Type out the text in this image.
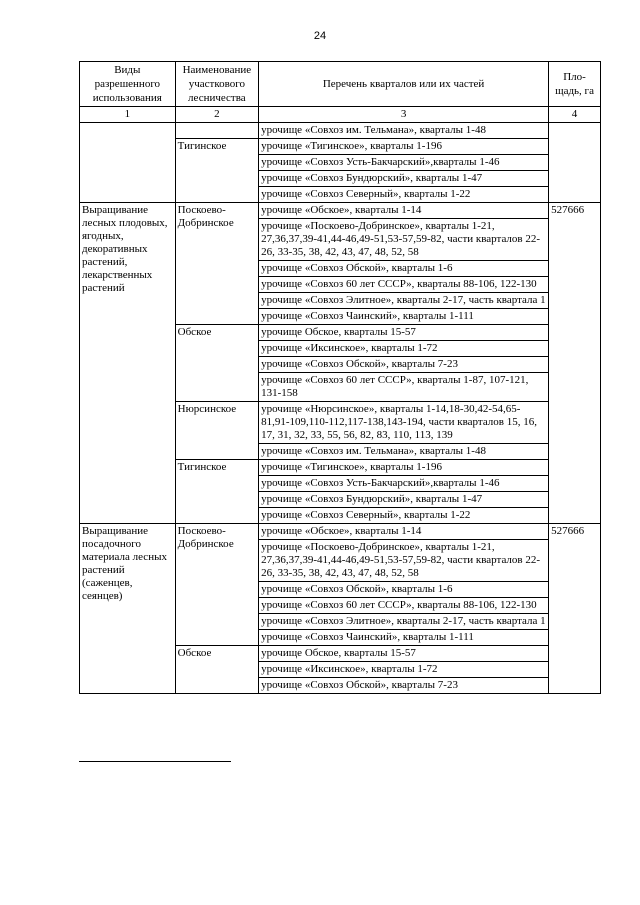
24
Виды разрешенного использования	Наименование участкового лесничества	Перечень кварталов или их частей	Пло-щадь, га
1	2	3	4
		урочище «Совхоз им. Тельмана», кварталы 1-48	
	Тигинское	урочище «Тигинское», кварталы 1-196	
		урочище «Совхоз Усть-Бакчарский»,кварталы 1-46	
		урочище «Совхоз Бундюрский», кварталы 1-47	
		урочище «Совхоз Северный», кварталы 1-22	
Выращивание лесных плодовых, ягодных, декоративных растений, лекарственных растений	Поскоево-Добринское	урочище «Обское», кварталы 1-14	527666
		урочище «Поскоево-Добринское», кварталы 1-21, 27,36,37,39-41,44-46,49-51,53-57,59-82, части кварталов 22-26, 33-35, 38, 42, 43, 47, 48, 52, 58	
		урочище «Совхоз Обской», кварталы 1-6	
		урочище «Совхоз 60 лет СССР», кварталы 88-106, 122-130	
		урочище «Совхоз Элитное», кварталы 2-17, часть квартала 1	
		урочище «Совхоз Чаинский», кварталы 1-111	
	Обское	урочище Обское, кварталы 15-57	
		урочище «Иксинское», кварталы 1-72	
		урочище «Совхоз Обской», кварталы 7-23	
		урочище «Совхоз 60 лет СССР», кварталы 1-87, 107-121, 131-158	
	Нюрсинское	урочище «Нюрсинское», кварталы 1-14,18-30,42-54,65-81,91-109,110-112,117-138,143-194, части кварталов 15, 16, 17, 31, 32, 33, 55, 56, 82, 83, 110, 113, 139	
		урочище «Совхоз им. Тельмана», кварталы 1-48	
	Тигинское	урочище «Тигинское», кварталы 1-196	
		урочище «Совхоз Усть-Бакчарский»,кварталы 1-46	
		урочище «Совхоз Бундюрский», кварталы 1-47	
		урочище «Совхоз Северный», кварталы 1-22	
Выращивание посадочного материала лесных растений (саженцев, сеянцев)	Поскоево-Добринское	урочище «Обское», кварталы 1-14	527666
		урочище «Поскоево-Добринское», кварталы 1-21, 27,36,37,39-41,44-46,49-51,53-57,59-82, части кварталов 22-26, 33-35, 38, 42, 43, 47, 48, 52, 58	
		урочище «Совхоз Обской», кварталы 1-6	
		урочище «Совхоз 60 лет СССР», кварталы 88-106, 122-130	
		урочище «Совхоз Элитное», кварталы 2-17, часть квартала 1	
		урочище «Совхоз Чаинский», кварталы 1-111	
	Обское	урочище Обское, кварталы 15-57	
		урочище «Иксинское», кварталы 1-72	
		урочище «Совхоз Обской», кварталы 7-23	
